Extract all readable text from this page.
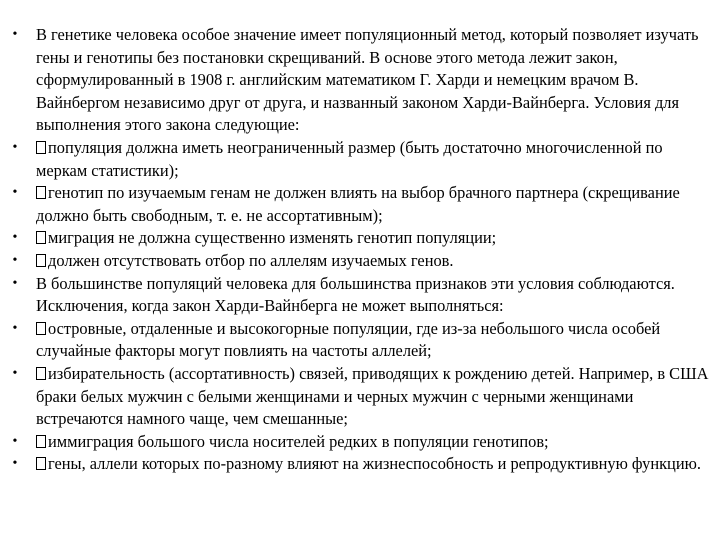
• В генетике человека особое значение имеет популяционный метод, который позволяет изучать гены и генотипы без постановки скрещиваний. В основе этого метода лежит закон, сформулированный в 1908 г. английским математиком Г. Харди и немецким врачом В. Вайнбергом независимо друг от друга, и названный законом Харди-Вайнберга. Условия для выполнения этого закона следующие:
• популяция должна иметь неограниченный размер (быть достаточно многочисленной по меркам статистики);
• генотип по изучаемым генам не должен влиять на выбор брачного партнера (скрещивание должно быть свободным, т. е. не ассортативным);
• миграция не должна существенно изменять генотип популяции;
• должен отсутствовать отбор по аллелям изучаемых генов.
• В большинстве популяций человека для большинства признаков эти условия соблюдаются. Исключения, когда закон Харди-Вайнберга не может выполняться:
• островные, отдаленные и высокогорные популяции, где из-за небольшого числа особей случайные факторы могут повлиять на частоты аллелей;
• избирательность (ассортативность) связей, приводящих к рождению детей. Например, в США браки белых мужчин с белыми женщинами и черных мужчин с черными женщинами встречаются намного чаще, чем смешанные;
• иммиграция большого числа носителей редких в популяции генотипов;
• гены, аллели которых по-разному влияют на жизнеспособность и репродуктивную функцию.
